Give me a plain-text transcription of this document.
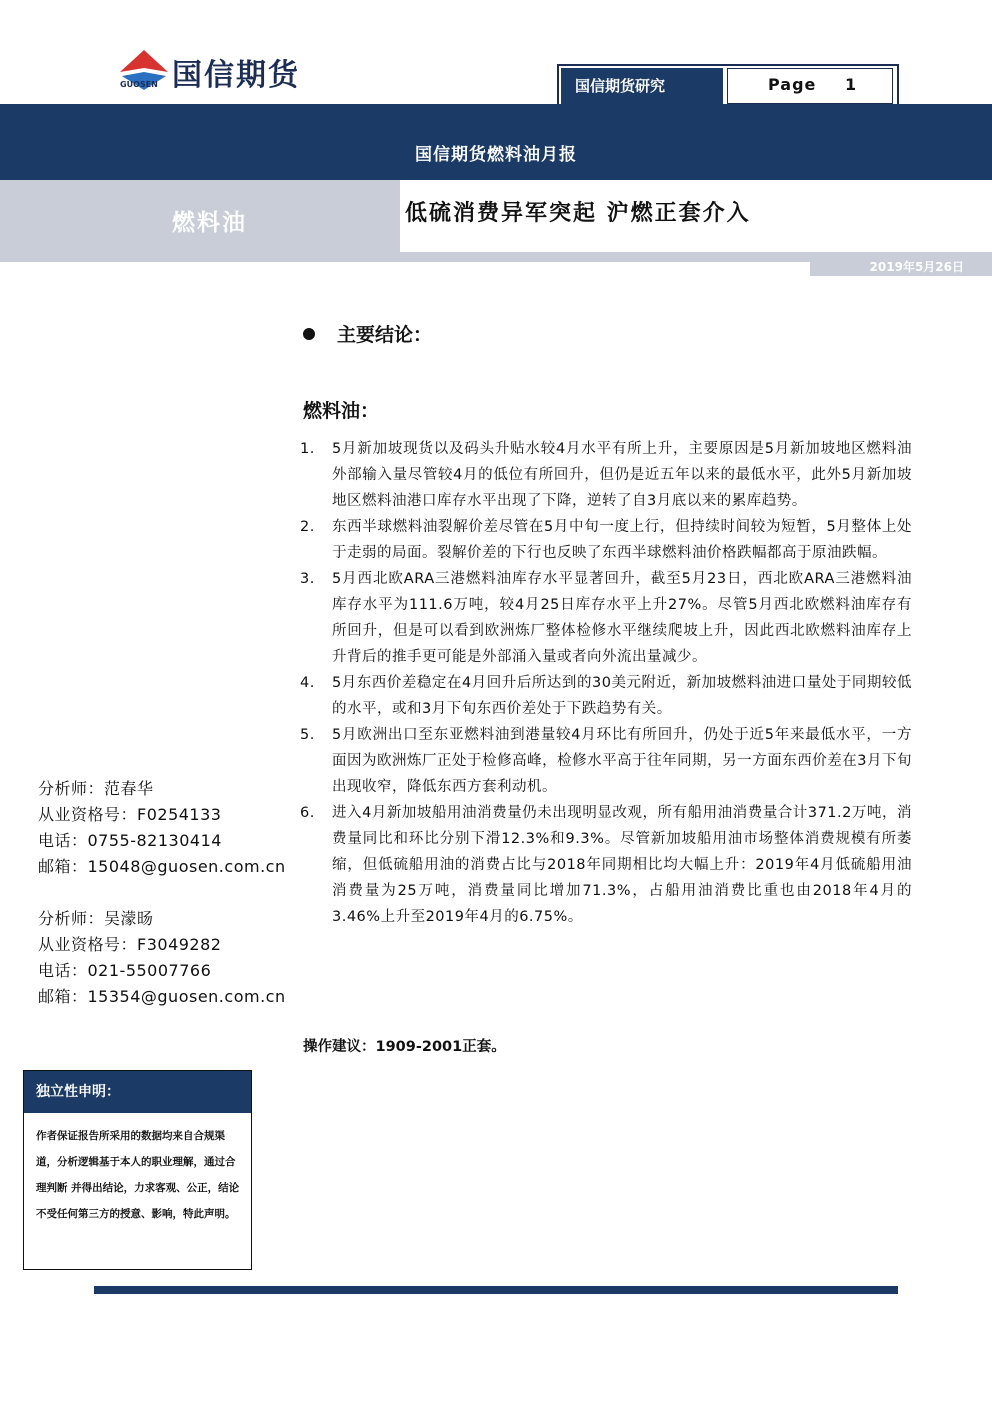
国信期货
GUOSEN	国信期货研究	Page 1
国信期货燃料油月报
燃料油	低硫消费异军突起 沪燃正套介入
2019年5月26日
主要结论：
燃料油：
1. 5月新加坡现货以及码头升贴水较4月水平有所上升，主要原因是5月新加坡地区燃料油外部输入量尽管较4月的低位有所回升，但仍是近五年以来的最低水平，此外5月新加坡地区燃料油港口库存水平出现了下降，逆转了自3月底以来的累库趋势。
2. 东西半球燃料油裂解价差尽管在5月中旬一度上行，但持续时间较为短暂，5月整体上处于走弱的局面。裂解价差的下行也反映了东西半球燃料油价格跌幅都高于原油跌幅。
3. 5月西北欧ARA三港燃料油库存水平显著回升，截至5月23日，西北欧ARA三港燃料油库存水平为111.6万吨，较4月25日库存水平上升27%。尽管5月西北欧燃料油库存有所回升，但是可以看到欧洲炼厂整体检修水平继续爬坡上升，因此西北欧燃料油库存上升背后的推手更可能是外部涌入量或者向外流出量减少。
4. 5月东西价差稳定在4月回升后所达到的30美元附近，新加坡燃料油进口量处于同期较低的水平，或和3月下旬东西价差处于下跌趋势有关。
5. 5月欧洲出口至东亚燃料油到港量较4月环比有所回升，仍处于近5年来最低水平，一方面因为欧洲炼厂正处于检修高峰，检修水平高于往年同期，另一方面东西价差在3月下旬出现收窄，降低东西方套利动机。
6. 进入4月新加坡船用油消费量仍未出现明显改观，所有船用油消费量合计371.2万吨，消费量同比和环比分别下滑12.3%和9.3%。尽管新加坡船用油市场整体消费规模有所萎缩，但低硫船用油的消费占比与2018年同期相比均大幅上升：2019年4月低硫船用油消费量为25万吨，消费量同比增加71.3%，占船用油消费比重也由2018年4月的3.46%上升至2019年4月的6.75%。
操作建议：1909-2001正套。
分析师：范春华
从业资格号：F0254133
电话：0755-82130414
邮箱：15048@guosen.com.cn
分析师：吴濛旸
从业资格号：F3049282
电话：021-55007766
邮箱：15354@guosen.com.cn
独立性申明：
作者保证报告所采用的数据均来自合规渠道，分析逻辑基于本人的职业理解，通过合理判断 并得出结论，力求客观、公正，结论不受任何第三方的授意、影响，特此声明。
